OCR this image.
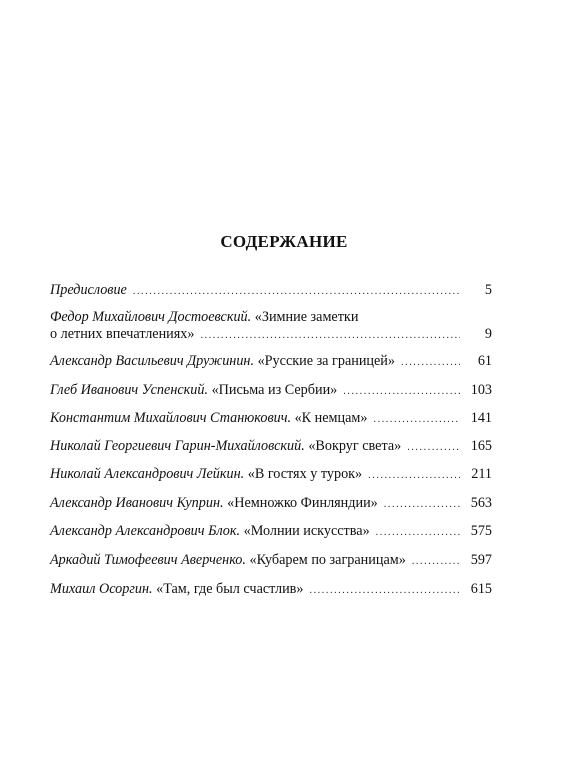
СОДЕРЖАНИЕ
Предисловие .....	5
Федор Михайлович Достоевский. «Зимние заметки
о летних впечатлениях» .....	9
Александр Васильевич Дружинин. «Русские за границей» .....	61
Глеб Иванович Успенский. «Письма из Сербии» .....	103
Константим Михайлович Станюкович. «К немцам» .....	141
Николай Георгиевич Гарин-Михайловский. «Вокруг света» .....	165
Николай Александрович Лейкин. «В гостях у турок» .....	211
Александр Иванович Куприн. «Немножко Финляндии» .....	563
Александр Александрович Блок. «Молнии искусства» .....	575
Аркадий Тимофеевич Аверченко. «Кубарем по заграницам» .....	597
Михаил Осоргин. «Там, где был счастлив» .....	615
